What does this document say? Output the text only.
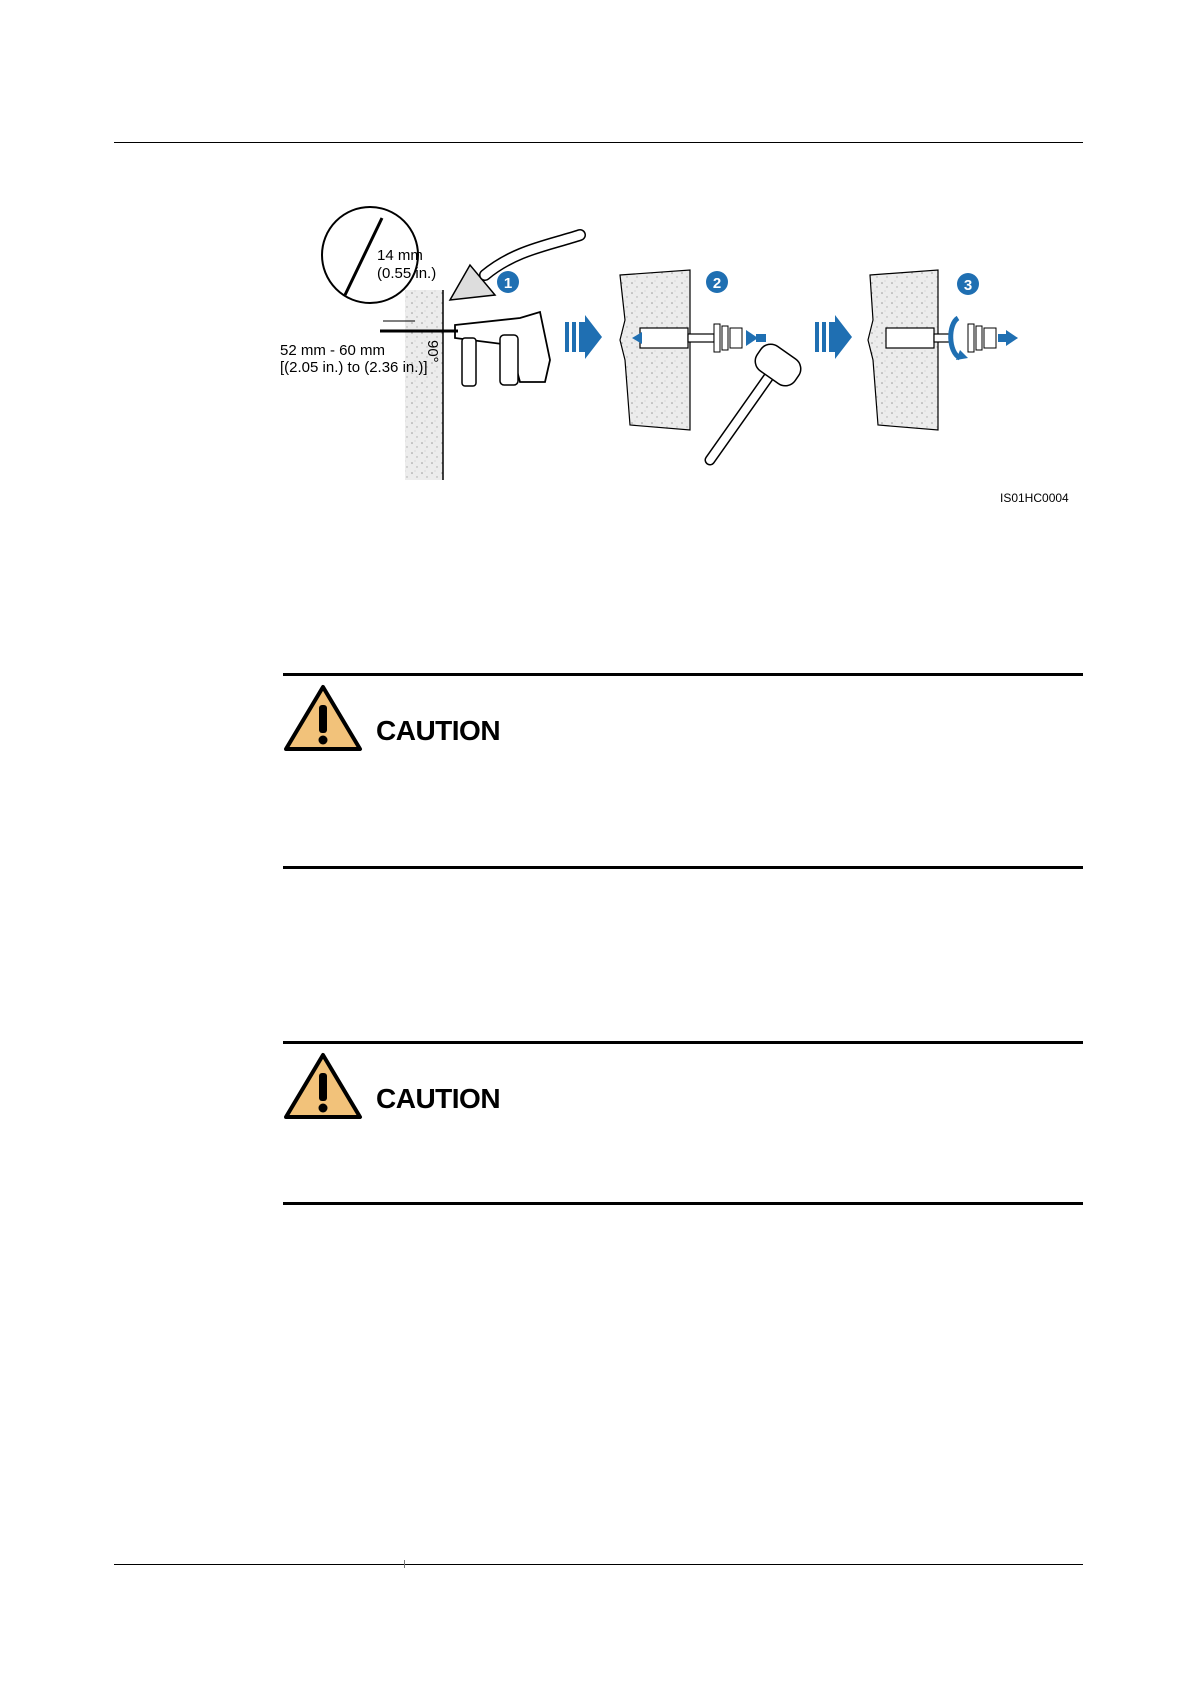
14 mm
(0.55 in.)
90°
52 mm - 60 mm
[(2.05 in.) to (2.36 in.)]
1	2	3
IS01HC0004
CAUTION
CAUTION
